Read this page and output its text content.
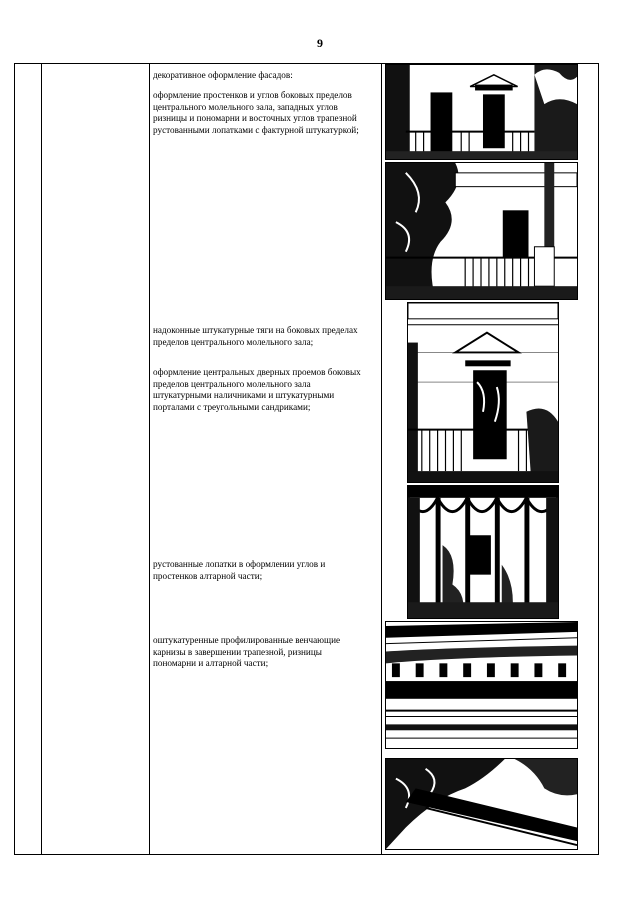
9

декоративное оформление фасадов:

оформление простенков и углов боковых пределов центрального молельного зала, западных углов ризницы и пономарни и восточных углов трапезной рустованными лопатками с фактурной штукатуркой;

надоконные штукатурные тяги на боковых пределах пределов центрального молельного зала;

оформление центральных дверных проемов боковых пределов центрального молельного зала штукатурными наличниками и штукатурными порталами с треугольными сандриками;

рустованные лопатки в оформлении углов и простенков алтарной части;

оштукатуренные профилированные венчающие карнизы в завершении трапезной, ризницы пономарни и алтарной части;
